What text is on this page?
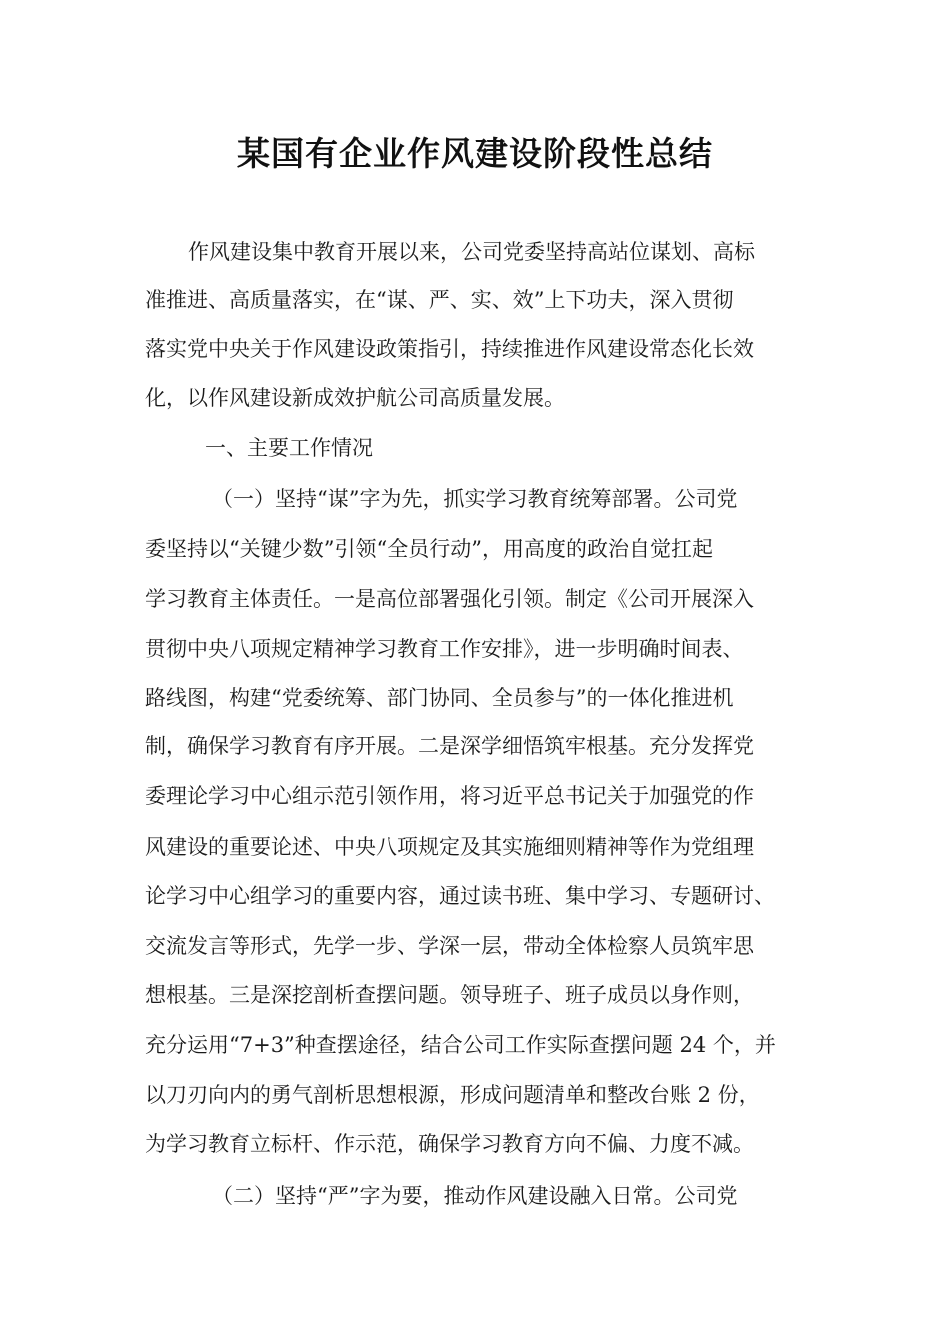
某国有企业作风建设阶段性总结
作风建设集中教育开展以来，公司党委坚持高站位谋划、高标
准推进、高质量落实，在“谋、严、实、效”上下功夫，深入贯彻
落实党中央关于作风建设政策指引，持续推进作风建设常态化长效
化，以作风建设新成效护航公司高质量发展。
一、主要工作情况
（一）坚持“谋”字为先，抓实学习教育统筹部署。公司党
委坚持以“关键少数”引领“全员行动”，用高度的政治自觉扛起
学习教育主体责任。一是高位部署强化引领。制定《公司开展深入
贯彻中央八项规定精神学习教育工作安排》，进一步明确时间表、
路线图，构建“党委统筹、部门协同、全员参与”的一体化推进机
制，确保学习教育有序开展。二是深学细悟筑牢根基。充分发挥党
委理论学习中心组示范引领作用，将习近平总书记关于加强党的作
风建设的重要论述、中央八项规定及其实施细则精神等作为党组理
论学习中心组学习的重要内容，通过读书班、集中学习、专题研讨、
交流发言等形式，先学一步、学深一层，带动全体检察人员筑牢思
想根基。三是深挖剖析查摆问题。领导班子、班子成员以身作则，
充分运用“7+3”种查摆途径，结合公司工作实际查摆问题 24 个，并
以刀刃向内的勇气剖析思想根源，形成问题清单和整改台账 2 份，
为学习教育立标杆、作示范，确保学习教育方向不偏、力度不减。
（二）坚持“严”字为要，推动作风建设融入日常。公司党
